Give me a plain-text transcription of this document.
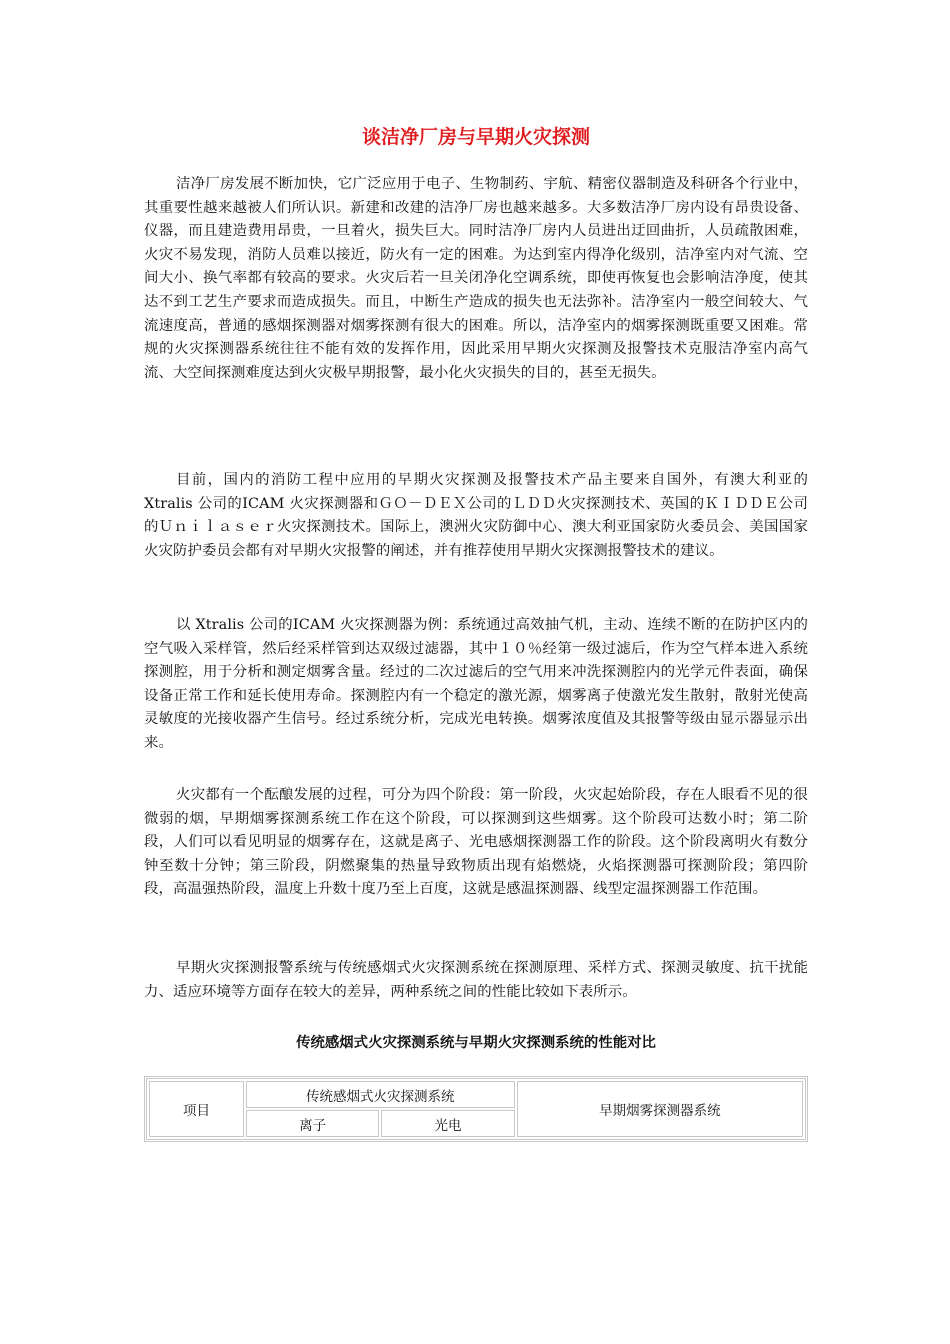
谈洁净厂房与早期火灾探测

洁净厂房发展不断加快，它广泛应用于电子、生物制药、宇航、精密仪器制造及科研各个行业中，其重要性越来越被人们所认识。新建和改建的洁净厂房也越来越多。大多数洁净厂房内设有昂贵设备、仪器，而且建造费用昂贵，一旦着火，损失巨大。同时洁净厂房内人员进出迂回曲折，人员疏散困难，火灾不易发现，消防人员难以接近，防火有一定的困难。为达到室内得净化级别，洁净室内对气流、空间大小、换气率都有较高的要求。火灾后若一旦关闭净化空调系统，即使再恢复也会影响洁净度，使其达不到工艺生产要求而造成损失。而且，中断生产造成的损失也无法弥补。洁净室内一般空间较大、气流速度高，普通的感烟探测器对烟雾探测有很大的困难。所以，洁净室内的烟雾探测既重要又困难。常规的火灾探测器系统往往不能有效的发挥作用，因此采用早期火灾探测及报警技术克服洁净室内高气流、大空间探测难度达到火灾极早期报警，最小化火灾损失的目的，甚至无损失。

目前，国内的消防工程中应用的早期火灾探测及报警技术产品主要来自国外，有澳大利亚的 Xtralis 公司的ICAM 火灾探测器和ＧＯ－ＤＥＸ公司的ＬＤＤ火灾探测技术、英国的ＫＩＤＤＥ公司的Ｕｎｉｌａｓｅｒ火灾探测技术。国际上，澳洲火灾防御中心、澳大利亚国家防火委员会、美国国家火灾防护委员会都有对早期火灾报警的阐述，并有推荐使用早期火灾探测报警技术的建议。

以 Xtralis 公司的ICAM 火灾探测器为例：系统通过高效抽气机，主动、连续不断的在防护区内的空气吸入采样管，然后经采样管到达双级过滤器，其中１０％经第一级过滤后，作为空气样本进入系统探测腔，用于分析和测定烟雾含量。经过的二次过滤后的空气用来冲洗探测腔内的光学元件表面，确保设备正常工作和延长使用寿命。探测腔内有一个稳定的激光源，烟雾离子使激光发生散射，散射光使高灵敏度的光接收器产生信号。经过系统分析，完成光电转换。烟雾浓度值及其报警等级由显示器显示出来。

火灾都有一个酝酿发展的过程，可分为四个阶段：第一阶段，火灾起始阶段，存在人眼看不见的很微弱的烟，早期烟雾探测系统工作在这个阶段，可以探测到这些烟雾。这个阶段可达数小时；第二阶段，人们可以看见明显的烟雾存在，这就是离子、光电感烟探测器工作的阶段。这个阶段离明火有数分钟至数十分钟；第三阶段，阴燃聚集的热量导致物质出现有焰燃烧，火焰探测器可探测阶段；第四阶段，高温强热阶段，温度上升数十度乃至上百度，这就是感温探测器、线型定温探测器工作范围。

早期火灾探测报警系统与传统感烟式火灾探测系统在探测原理、采样方式、探测灵敏度、抗干扰能力、适应环境等方面存在较大的差异，两种系统之间的性能比较如下表所示。

传统感烟式火灾探测系统与早期火灾探测系统的性能对比
项目	传统感烟式火灾探测系统		早期烟雾探测器系统
	离子	光电	
